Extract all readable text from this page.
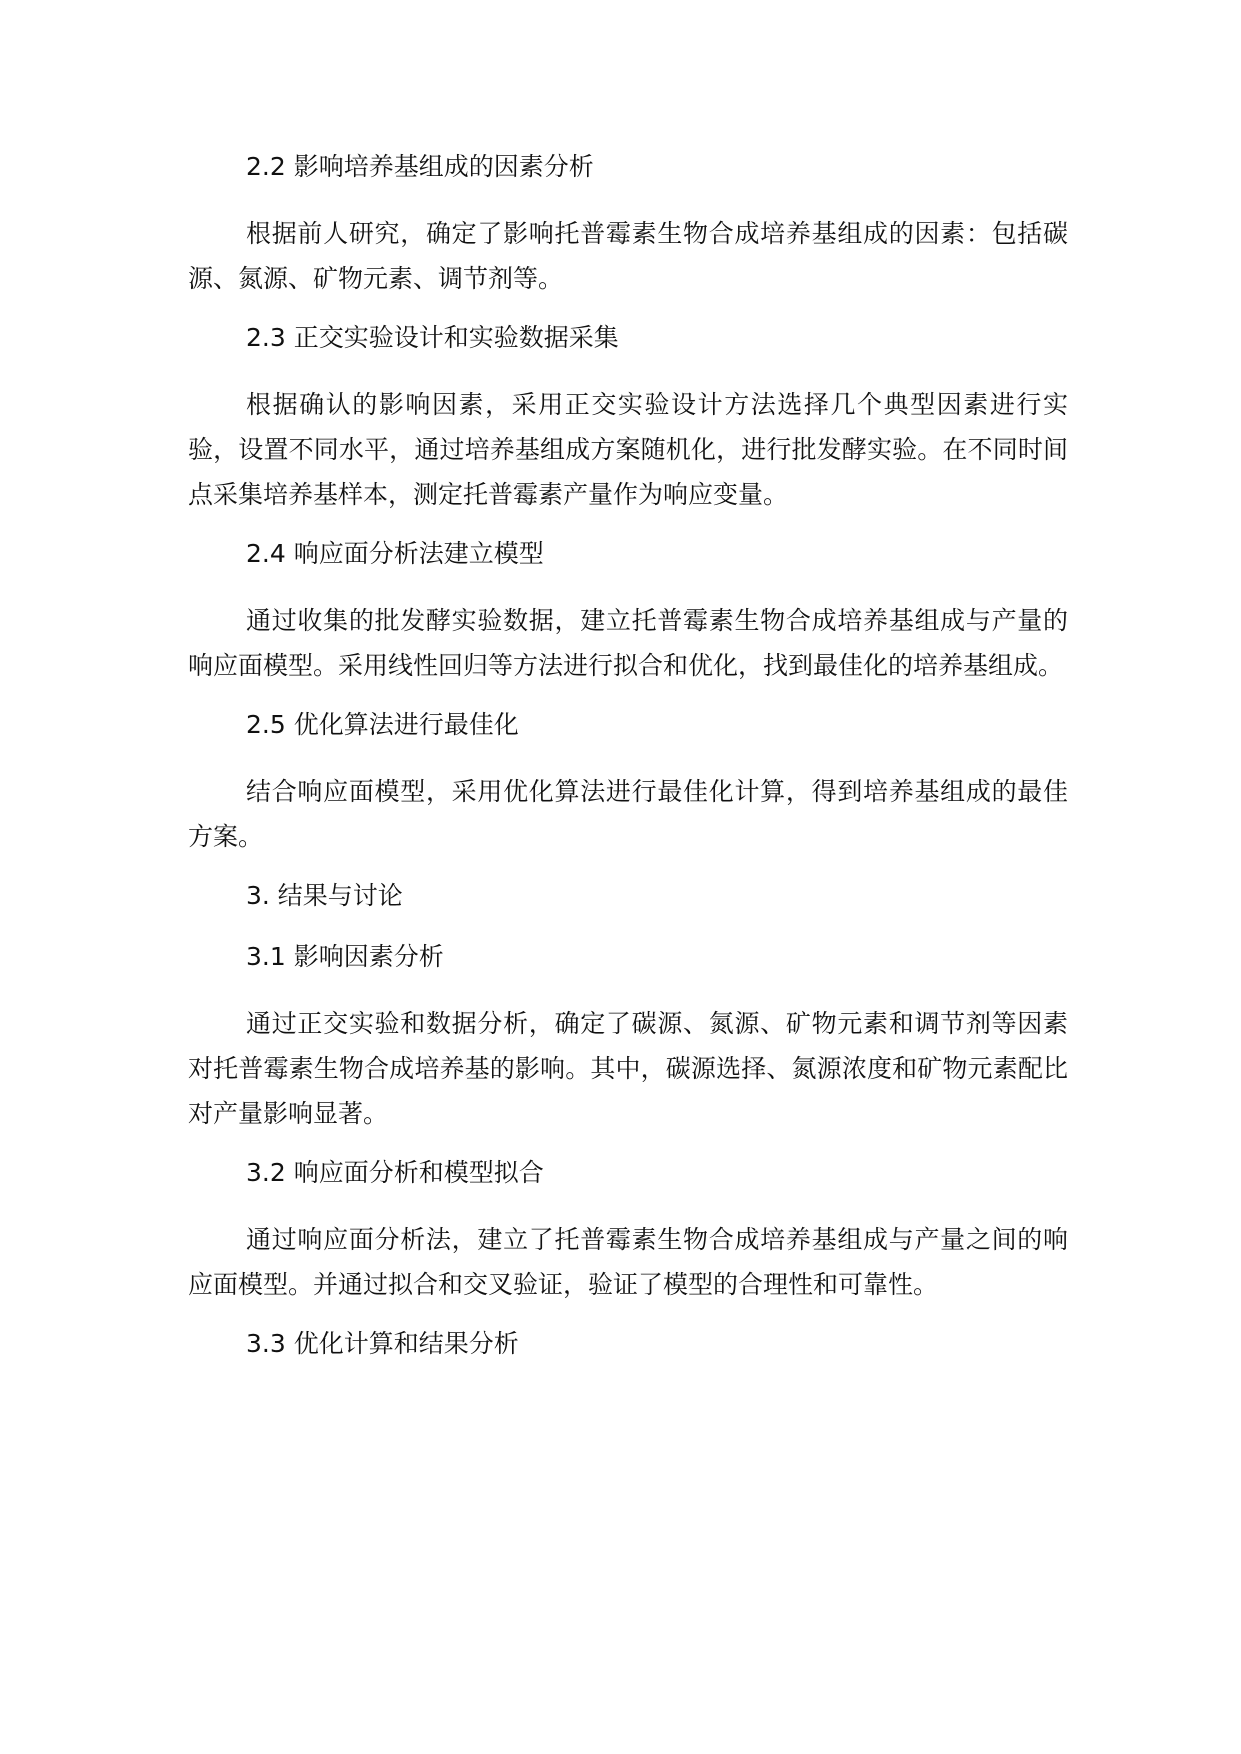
2.2 影响培养基组成的因素分析

根据前人研究，确定了影响托普霉素生物合成培养基组成的因素：包括碳源、氮源、矿物元素、调节剂等。

2.3 正交实验设计和实验数据采集

根据确认的影响因素，采用正交实验设计方法选择几个典型因素进行实验，设置不同水平，通过培养基组成方案随机化，进行批发酵实验。在不同时间点采集培养基样本，测定托普霉素产量作为响应变量。

2.4 响应面分析法建立模型

通过收集的批发酵实验数据，建立托普霉素生物合成培养基组成与产量的响应面模型。采用线性回归等方法进行拟合和优化，找到最佳化的培养基组成。

2.5 优化算法进行最佳化

结合响应面模型，采用优化算法进行最佳化计算，得到培养基组成的最佳方案。

3. 结果与讨论

3.1 影响因素分析

通过正交实验和数据分析，确定了碳源、氮源、矿物元素和调节剂等因素对托普霉素生物合成培养基的影响。其中，碳源选择、氮源浓度和矿物元素配比对产量影响显著。

3.2 响应面分析和模型拟合

通过响应面分析法，建立了托普霉素生物合成培养基组成与产量之间的响应面模型。并通过拟合和交叉验证，验证了模型的合理性和可靠性。

3.3 优化计算和结果分析
